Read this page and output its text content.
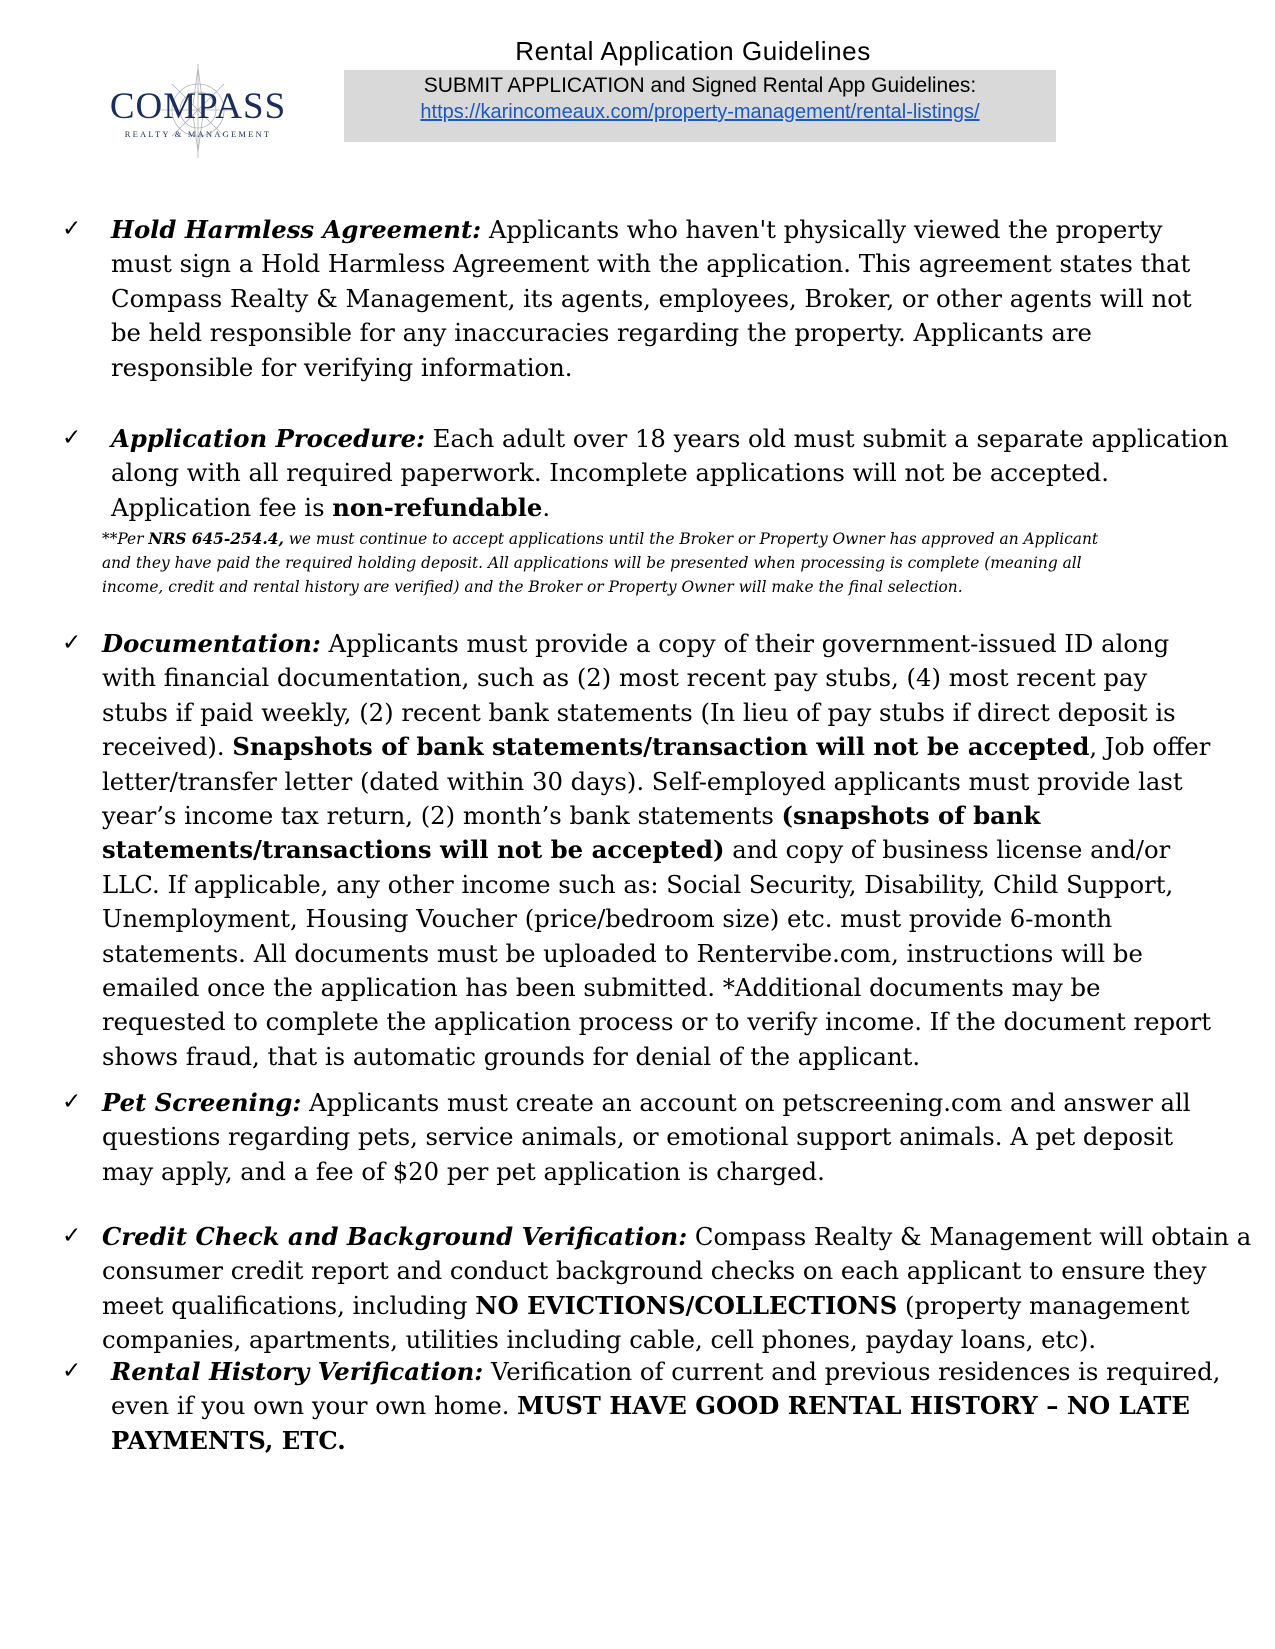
COMPASS
REALTY & MANAGEMENT
Rental Application Guidelines
SUBMIT APPLICATION and Signed Rental App Guidelines:
https://karincomeaux.com/property-management/rental-listings/
✓ Hold Harmless Agreement: Applicants who haven't physically viewed the property
must sign a Hold Harmless Agreement with the application. This agreement states that
Compass Realty & Management, its agents, employees, Broker, or other agents will not
be held responsible for any inaccuracies regarding the property. Applicants are
responsible for verifying information.
✓ Application Procedure: Each adult over 18 years old must submit a separate application
along with all required paperwork. Incomplete applications will not be accepted.
Application fee is non-refundable.
**Per NRS 645-254.4, we must continue to accept applications until the Broker or Property Owner has approved an Applicant
and they have paid the required holding deposit. All applications will be presented when processing is complete (meaning all
income, credit and rental history are verified) and the Broker or Property Owner will make the final selection.
✓ Documentation: Applicants must provide a copy of their government-issued ID along
with financial documentation, such as (2) most recent pay stubs, (4) most recent pay
stubs if paid weekly, (2) recent bank statements (In lieu of pay stubs if direct deposit is
received). Snapshots of bank statements/transaction will not be accepted, Job offer
letter/transfer letter (dated within 30 days). Self-employed applicants must provide last
year’s income tax return, (2) month’s bank statements (snapshots of bank
statements/transactions will not be accepted) and copy of business license and/or
LLC. If applicable, any other income such as: Social Security, Disability, Child Support,
Unemployment, Housing Voucher (price/bedroom size) etc. must provide 6-month
statements. All documents must be uploaded to Rentervibe.com, instructions will be
emailed once the application has been submitted. *Additional documents may be
requested to complete the application process or to verify income. If the document report
shows fraud, that is automatic grounds for denial of the applicant.
✓ Pet Screening: Applicants must create an account on petscreening.com and answer all
questions regarding pets, service animals, or emotional support animals. A pet deposit
may apply, and a fee of $20 per pet application is charged.
✓ Credit Check and Background Verification: Compass Realty & Management will obtain a
consumer credit report and conduct background checks on each applicant to ensure they
meet qualifications, including NO EVICTIONS/COLLECTIONS (property management
companies, apartments, utilities including cable, cell phones, payday loans, etc).
✓ Rental History Verification: Verification of current and previous residences is required,
even if you own your own home. MUST HAVE GOOD RENTAL HISTORY – NO LATE
PAYMENTS, ETC.
